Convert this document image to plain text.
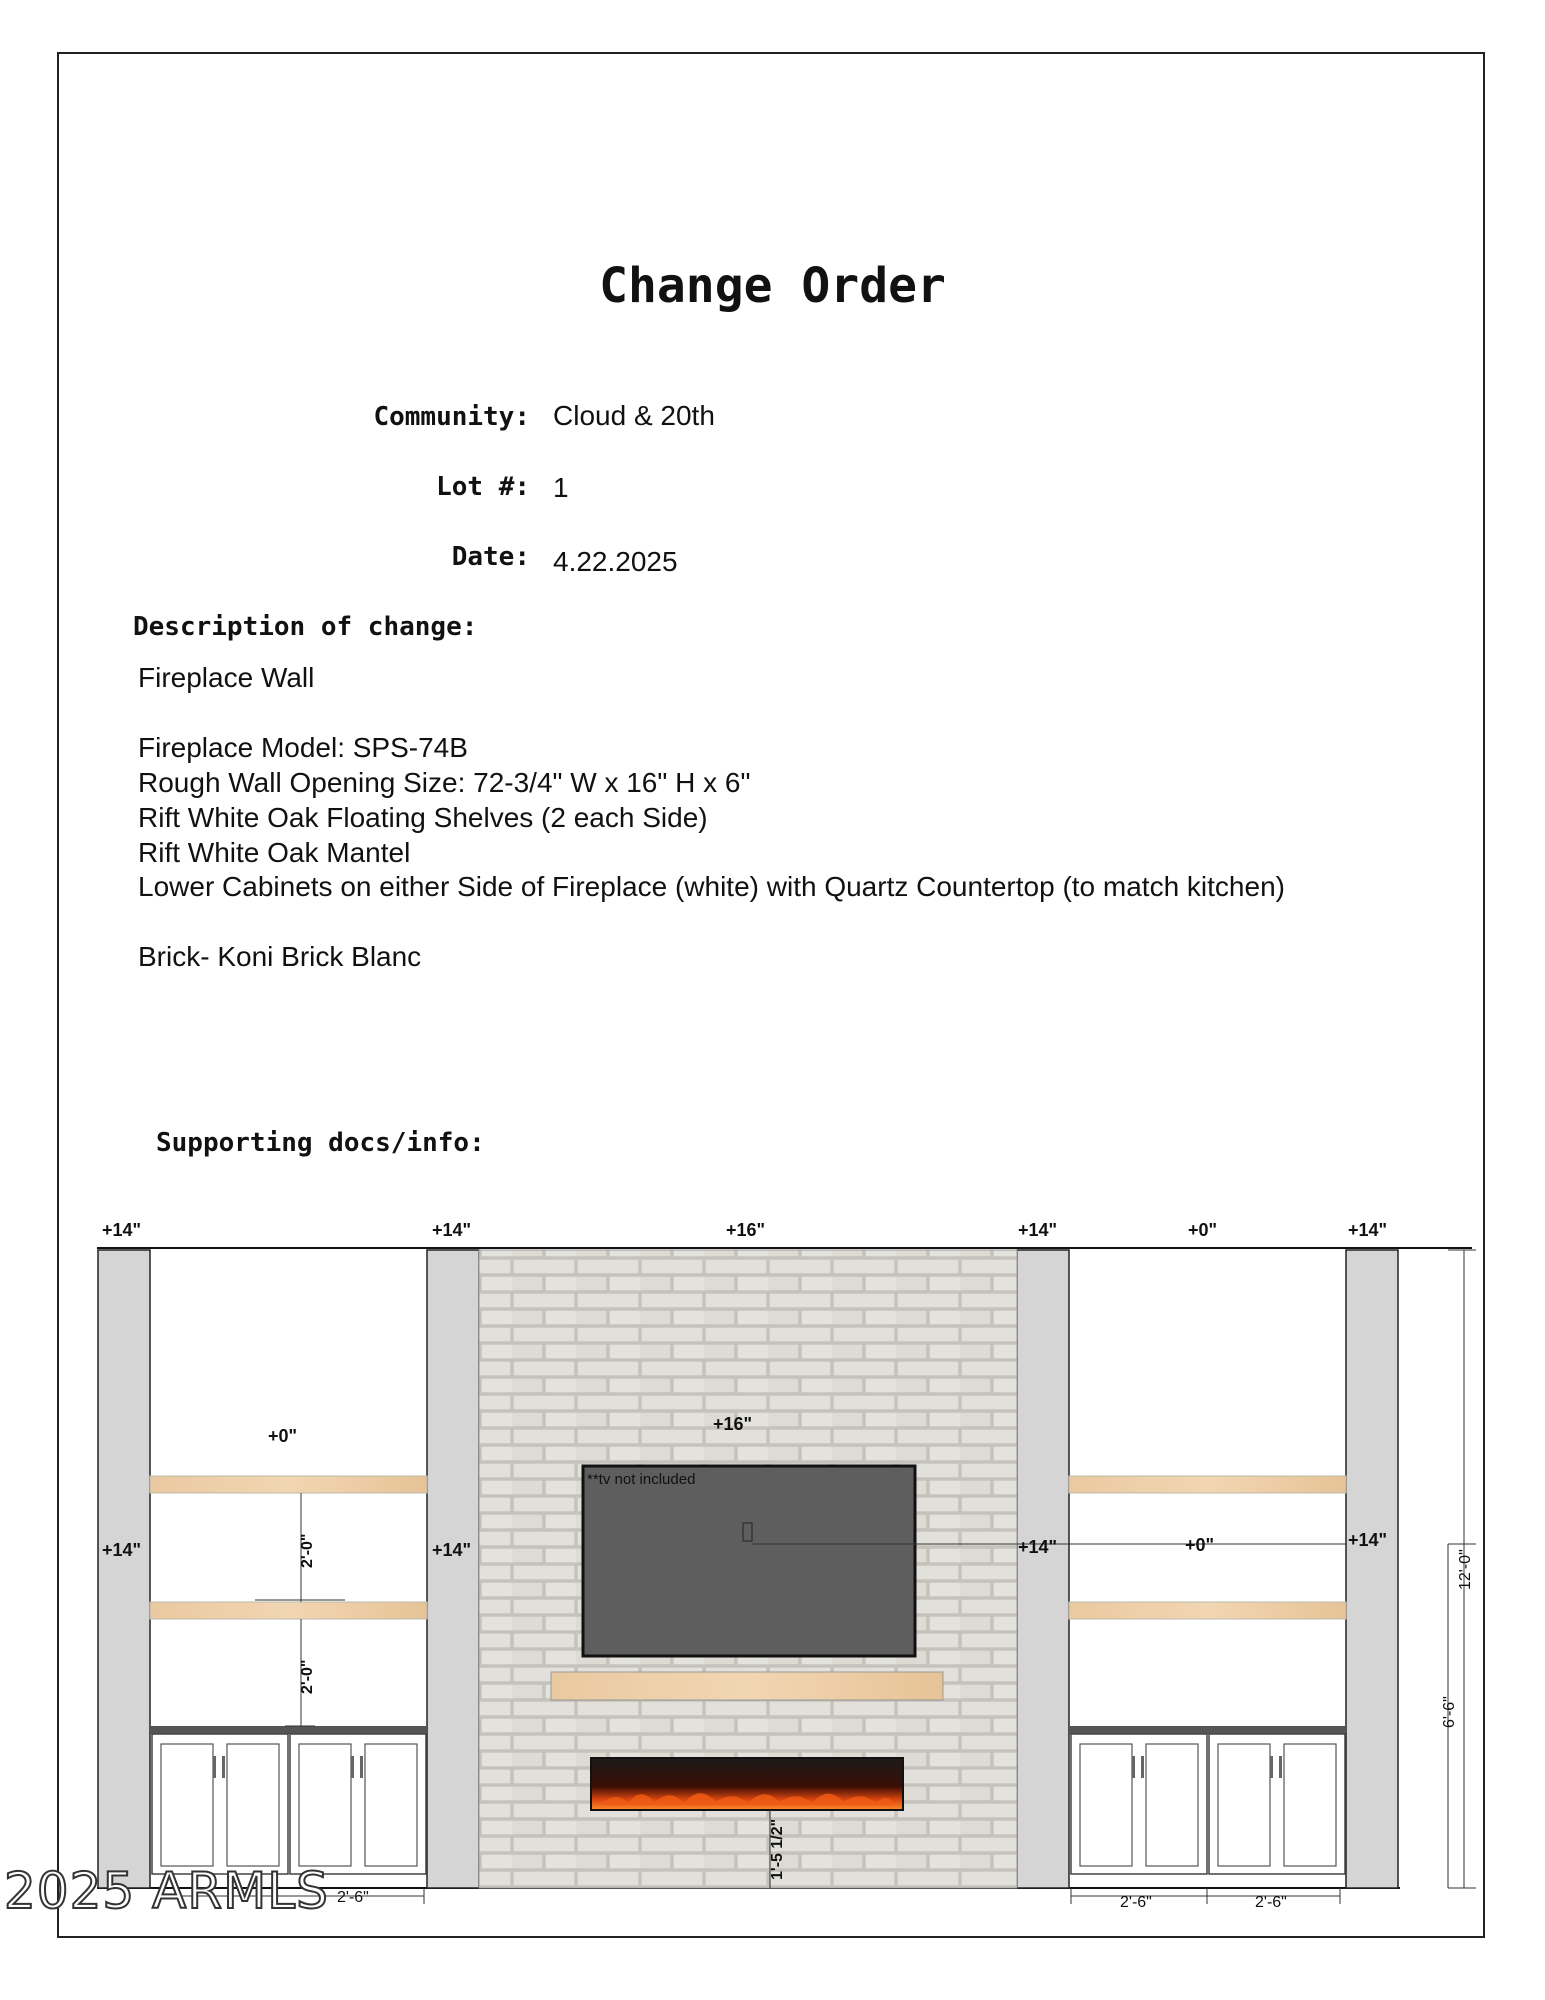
Change Order
Community: Cloud & 20th
Lot #: 1
Date: 4.22.2025
Description of change:
Fireplace Wall
Fireplace Model: SPS-74B
Rough Wall Opening Size: 72-3/4" W x 16" H x 6"
Rift White Oak Floating Shelves (2 each Side)
Rift White Oak Mantel
Lower Cabinets on either Side of Fireplace (white) with Quartz Countertop (to match kitchen)
Brick- Koni Brick Blanc
Supporting docs/info:
+14"	+14"	+16"	+14"	+0"	+14"
+0"
+16"
+14"	+14"	+14"	+14"
+0"
**tv not included
2'-0"
2'-0"
1'-5 1/2"
12'-0"
6'-6"
2'-6"	2'-6"	2'-6"
2025 ARMLS
